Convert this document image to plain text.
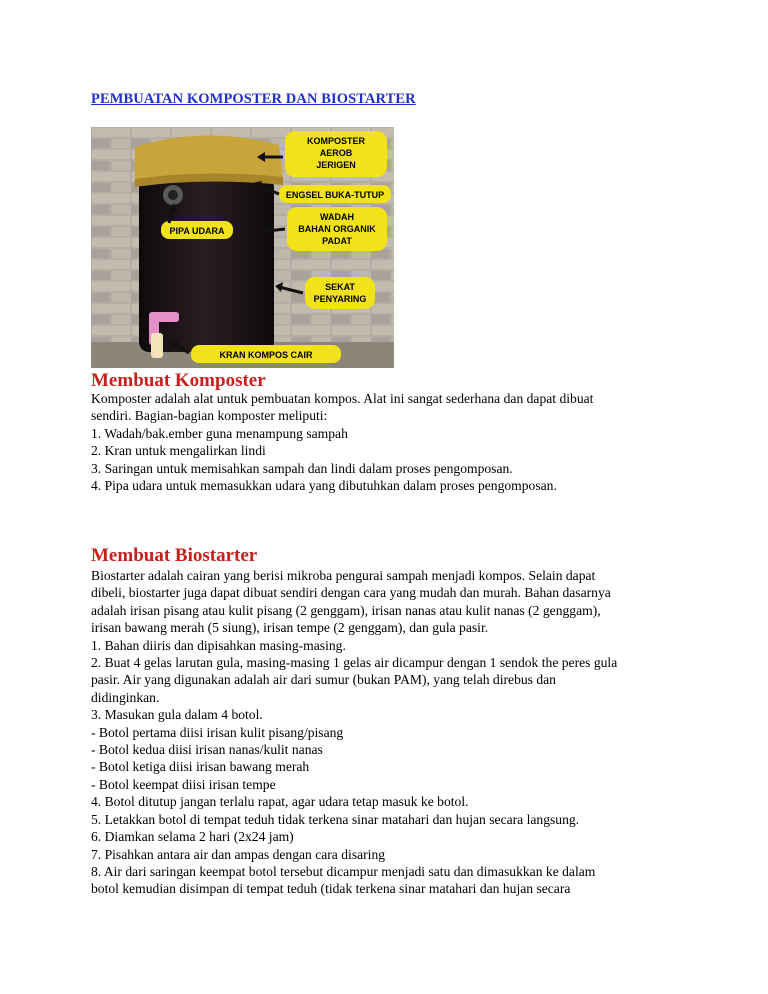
PEMBUATAN KOMPOSTER DAN BIOSTARTER
KOMPOSTER
AEROB
JERIGEN
ENGSEL BUKA-TUTUP
WADAH
BAHAN ORGANIK
PADAT
PIPA UDARA
SEKAT
PENYARING
KRAN KOMPOS CAIR
Membuat Komposter

Komposter adalah alat untuk pembuatan kompos. Alat ini sangat sederhana dan dapat dibuat

sendiri. Bagian-bagian komposter meliputi:

1. Wadah/bak.ember guna menampung sampah

2. Kran untuk mengalirkan lindi

3. Saringan untuk memisahkan sampah dan lindi dalam proses pengomposan.

4. Pipa udara untuk memasukkan udara yang dibutuhkan dalam proses pengomposan.

Membuat Biostarter

Biostarter adalah cairan yang berisi mikroba pengurai sampah menjadi kompos. Selain dapat

dibeli, biostarter juga dapat dibuat sendiri dengan cara yang mudah dan murah. Bahan dasarnya

adalah irisan pisang atau kulit pisang (2 genggam), irisan nanas atau kulit nanas (2 genggam),

irisan bawang merah (5 siung), irisan tempe (2 genggam), dan gula pasir.

1. Bahan diiris dan dipisahkan masing-masing.

2. Buat 4 gelas larutan gula, masing-masing 1 gelas air dicampur dengan 1 sendok the peres gula

pasir. Air yang digunakan adalah air dari sumur (bukan PAM), yang telah direbus dan

didinginkan.

3. Masukan gula dalam 4 botol.

- Botol pertama diisi irisan kulit pisang/pisang

- Botol kedua diisi irisan nanas/kulit nanas

- Botol ketiga diisi irisan bawang merah

- Botol keempat diisi irisan tempe

4. Botol ditutup jangan terlalu rapat, agar udara tetap masuk ke botol.

5. Letakkan botol di tempat teduh tidak terkena sinar matahari dan hujan secara langsung.

6. Diamkan selama 2 hari (2x24 jam)

7. Pisahkan antara air dan ampas dengan cara disaring

8. Air dari saringan keempat botol tersebut dicampur menjadi satu dan dimasukkan ke dalam

botol kemudian disimpan di tempat teduh (tidak terkena sinar matahari dan hujan secara
